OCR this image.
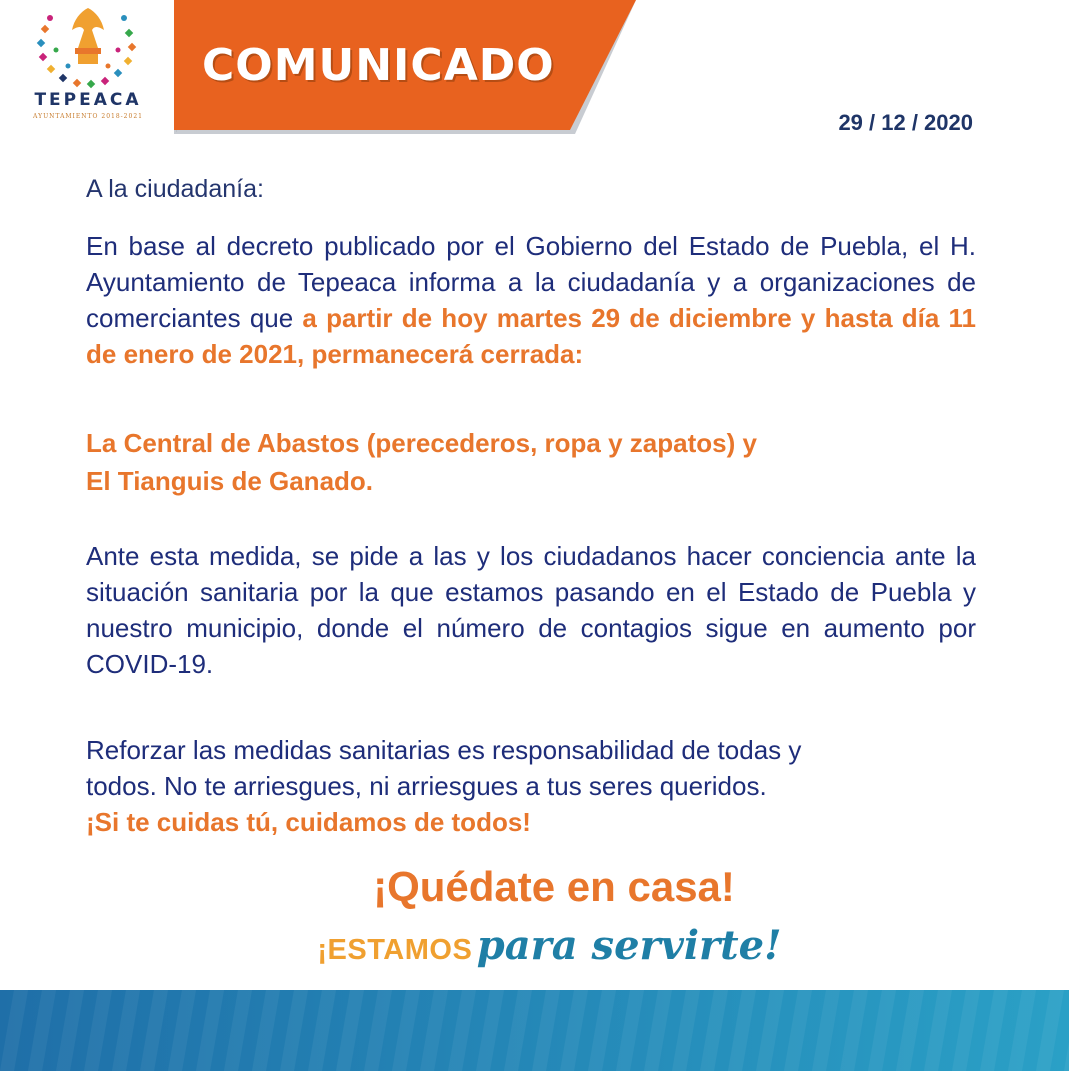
TEPEACA
AYUNTAMIENTO 2018-2021
COMUNICADO
29 / 12 / 2020
A la ciudadanía:
En base al decreto publicado por el Gobierno del Estado de Puebla, el H. Ayuntamiento de Tepeaca informa a la ciudadanía y a organizaciones de comerciantes que a partir de hoy martes 29 de diciembre y hasta día 11 de enero de 2021, permanecerá cerrada:
La Central de Abastos (perecederos, ropa y zapatos) y
El Tianguis de Ganado.
Ante esta medida, se pide a las y los ciudadanos hacer conciencia ante la situación sanitaria por la que estamos pasando en el Estado de Puebla y nuestro municipio, donde el número de contagios sigue en aumento por COVID-19.
Reforzar las medidas sanitarias es responsabilidad de todas y
todos. No te arriesgues, ni arriesgues a tus seres queridos.
¡Si te cuidas tú, cuidamos de todos!
¡Quédate en casa!
¡ESTAMOS para servirte!
